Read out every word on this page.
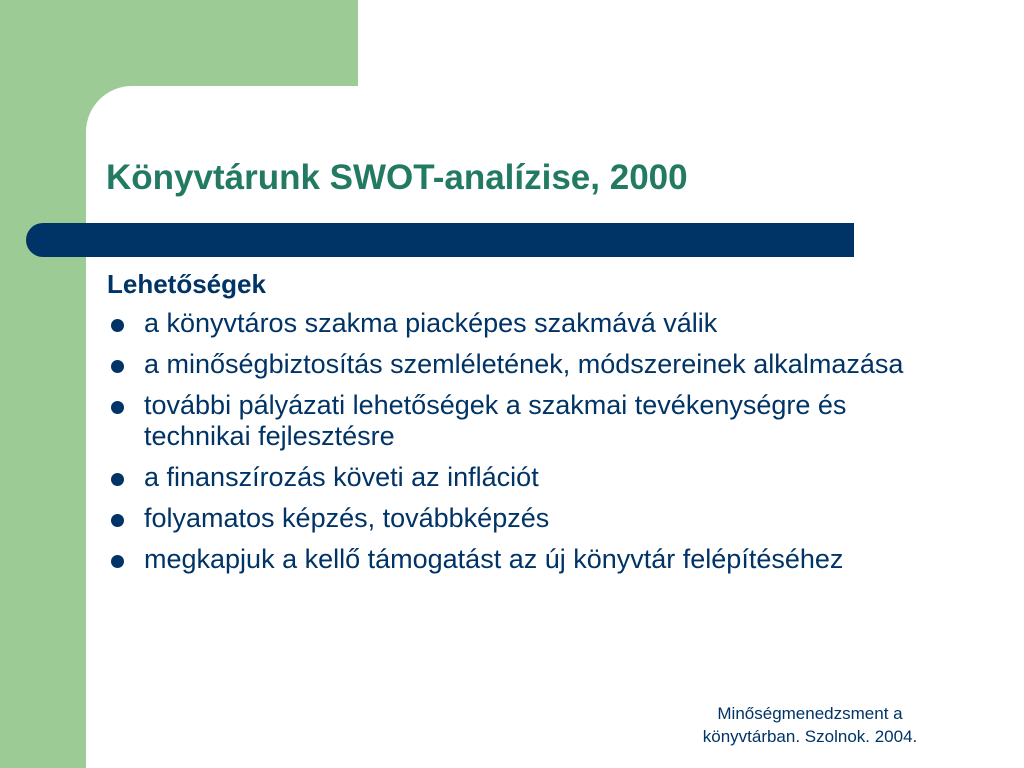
Könyvtárunk SWOT-analízise, 2000
Lehetőségek
a könyvtáros szakma piacképes szakmává válik
a minőségbiztosítás szemléletének, módszereinek alkalmazása
további pályázati lehetőségek a szakmai tevékenységre és technikai fejlesztésre
a finanszírozás követi az inflációt
folyamatos képzés, továbbképzés
megkapjuk a kellő támogatást az új könyvtár felépítéséhez
Minőségmenedzsment a
könyvtárban. Szolnok. 2004.
